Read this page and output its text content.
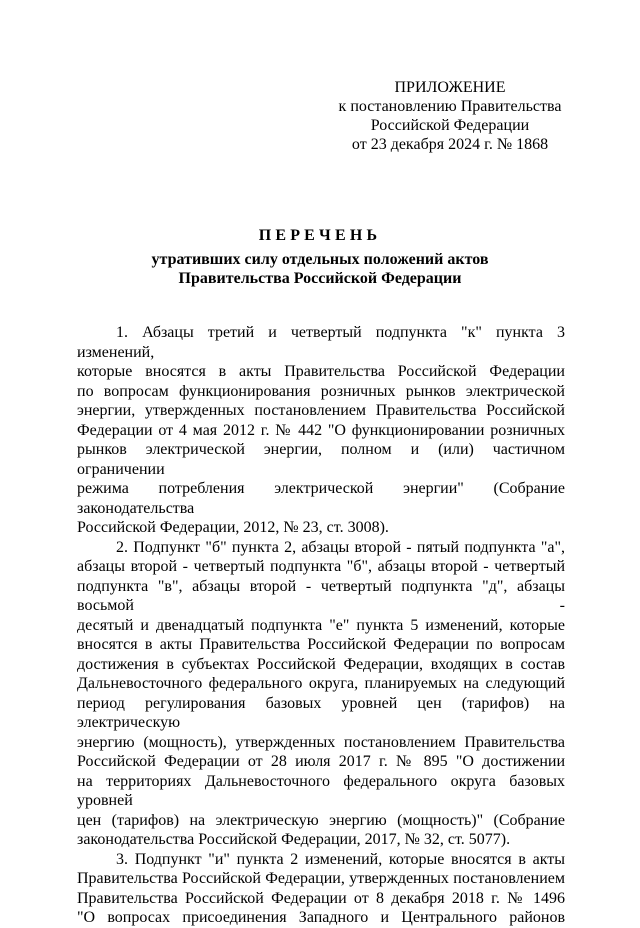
ПРИЛОЖЕНИЕ
к постановлению Правительства
Российской Федерации
от 23 декабря 2024 г. № 1868
ПЕРЕЧЕНЬ
утративших силу отдельных положений актов
Правительства Российской Федерации

1. Абзацы третий и четвертый подпункта "к" пункта 3 изменений,
которые вносятся в акты Правительства Российской Федерации
по вопросам функционирования розничных рынков электрической
энергии, утвержденных постановлением Правительства Российской
Федерации от 4 мая 2012 г. № 442 "О функционировании розничных
рынков электрической энергии, полном и (или) частичном ограничении
режима потребления электрической энергии" (Собрание законодательства
Российской Федерации, 2012, № 23, ст. 3008).

2. Подпункт "б" пункта 2, абзацы второй - пятый подпункта "а",
абзацы второй - четвертый подпункта "б", абзацы второй - четвертый
подпункта "в", абзацы второй - четвертый подпункта "д", абзацы восьмой -
десятый и двенадцатый подпункта "е" пункта 5 изменений, которые
вносятся в акты Правительства Российской Федерации по вопросам
достижения в субъектах Российской Федерации, входящих в состав
Дальневосточного федерального округа, планируемых на следующий
период регулирования базовых уровней цен (тарифов) на электрическую
энергию (мощность), утвержденных постановлением Правительства
Российской Федерации от 28 июля 2017 г. № 895 "О достижении
на территориях Дальневосточного федерального округа базовых уровней
цен (тарифов) на электрическую энергию (мощность)" (Собрание
законодательства Российской Федерации, 2017, № 32, ст. 5077).

3. Подпункт "и" пункта 2 изменений, которые вносятся в акты
Правительства Российской Федерации, утвержденных постановлением
Правительства Российской Федерации от 8 декабря 2018 г. № 1496
"О вопросах присоединения Западного и Центрального районов
